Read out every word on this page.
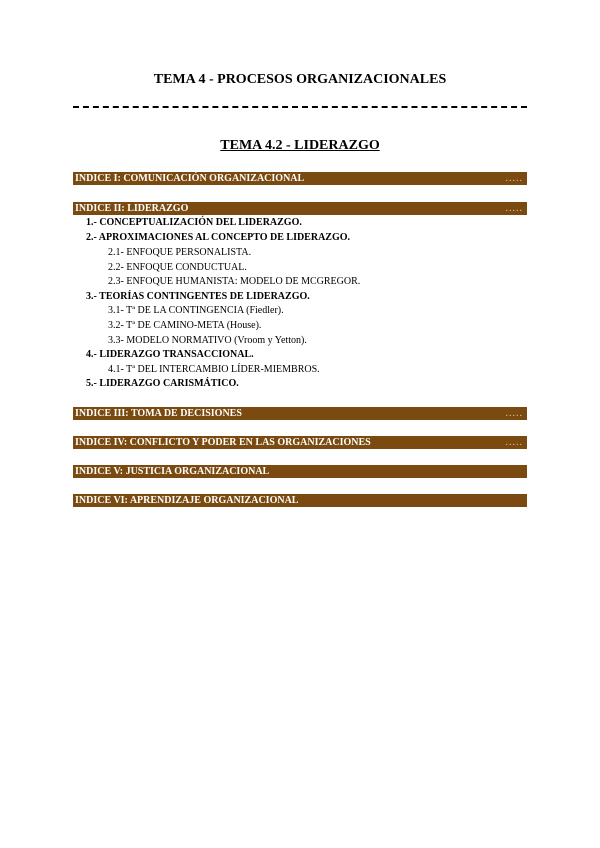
TEMA 4 - PROCESOS ORGANIZACIONALES
TEMA 4.2 - LIDERAZGO
INDICE I: COMUNICACIÓN ORGANIZACIONAL	.....
INDICE II: LIDERAZGO	.....
1.- CONCEPTUALIZACIÓN DEL LIDERAZGO.
2.- APROXIMACIONES AL CONCEPTO DE LIDERAZGO.
2.1- ENFOQUE PERSONALISTA.
2.2- ENFOQUE CONDUCTUAL.
2.3- ENFOQUE HUMANISTA: MODELO DE MCGREGOR.
3.- TEORÍAS CONTINGENTES DE LIDERAZGO.
3.1- Tª DE LA CONTINGENCIA (Fiedler).
3.2- Tª DE CAMINO-META (House).
3.3- MODELO NORMATIVO (Vroom y Yetton).
4.- LIDERAZGO TRANSACCIONAL.
4.1- Tª DEL INTERCAMBIO LÍDER-MIEMBROS.
5.- LIDERAZGO CARISMÁTICO.
INDICE III: TOMA DE DECISIONES	.....
INDICE IV: CONFLICTO Y PODER EN LAS ORGANIZACIONES	.....
INDICE V: JUSTICIA ORGANIZACIONAL
INDICE VI: APRENDIZAJE ORGANIZACIONAL
